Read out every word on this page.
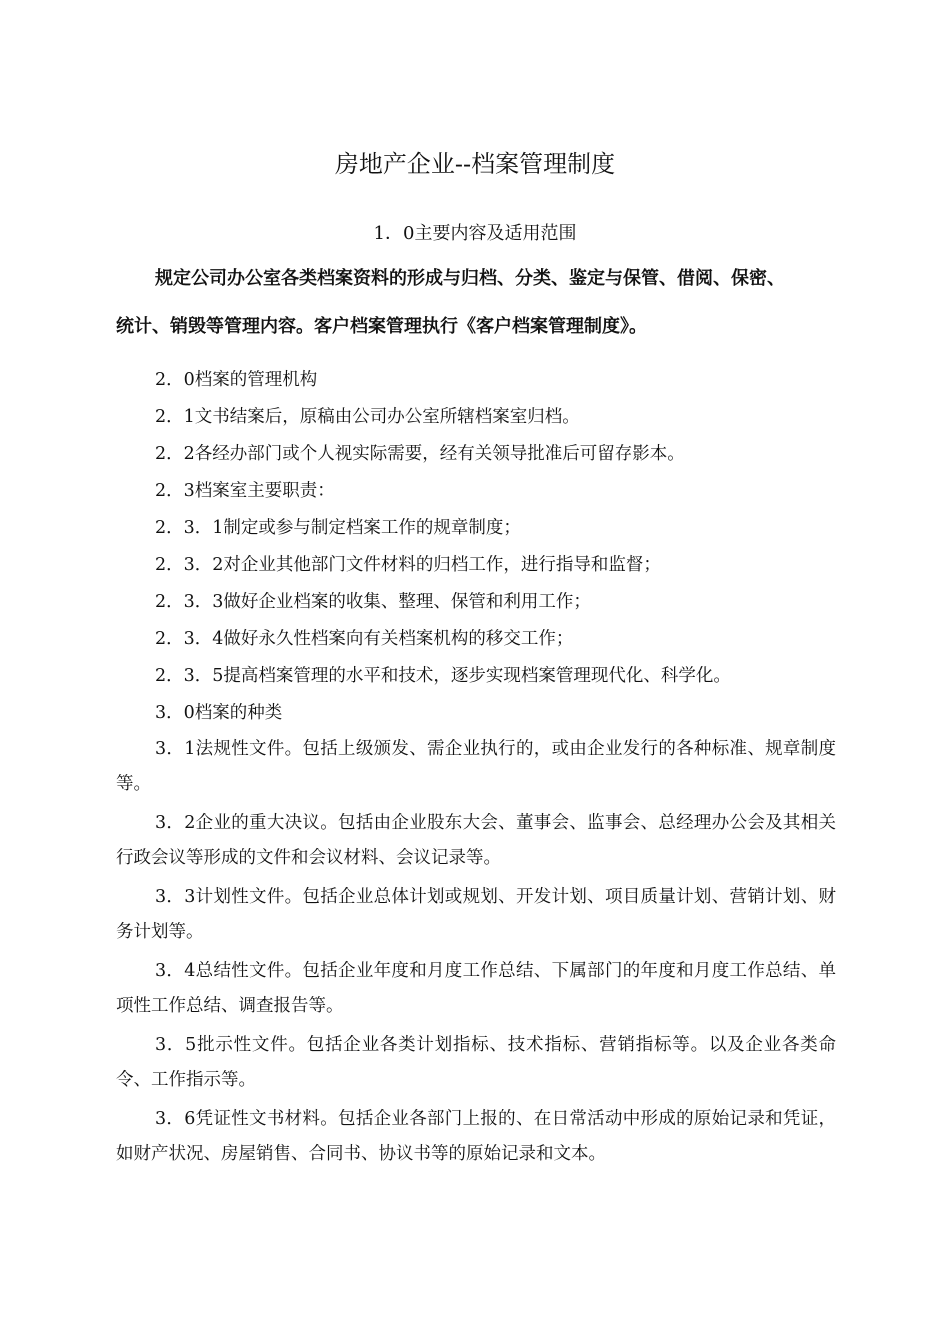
房地产企业--档案管理制度
1．0主要内容及适用范围
规定公司办公室各类档案资料的形成与归档、分类、鉴定与保管、借阅、保密、
统计、销毁等管理内容。客户档案管理执行《客户档案管理制度》。
2．0档案的管理机构
2．1文书结案后，原稿由公司办公室所辖档案室归档。
2．2各经办部门或个人视实际需要，经有关领导批准后可留存影本。
2．3档案室主要职责：
2．3．1制定或参与制定档案工作的规章制度；
2．3．2对企业其他部门文件材料的归档工作，进行指导和监督；
2．3．3做好企业档案的收集、整理、保管和利用工作；
2．3．4做好永久性档案向有关档案机构的移交工作；
2．3．5提高档案管理的水平和技术，逐步实现档案管理现代化、科学化。
3．0档案的种类
3．1法规性文件。包括上级颁发、需企业执行的，或由企业发行的各种标准、规章制度等。
3．2企业的重大决议。包括由企业股东大会、董事会、监事会、总经理办公会及其相关行政会议等形成的文件和会议材料、会议记录等。
3．3计划性文件。包括企业总体计划或规划、开发计划、项目质量计划、营销计划、财务计划等。
3．4总结性文件。包括企业年度和月度工作总结、下属部门的年度和月度工作总结、单项性工作总结、调查报告等。
3．5批示性文件。包括企业各类计划指标、技术指标、营销指标等。以及企业各类命令、工作指示等。
3．6凭证性文书材料。包括企业各部门上报的、在日常活动中形成的原始记录和凭证，如财产状况、房屋销售、合同书、协议书等的原始记录和文本。
